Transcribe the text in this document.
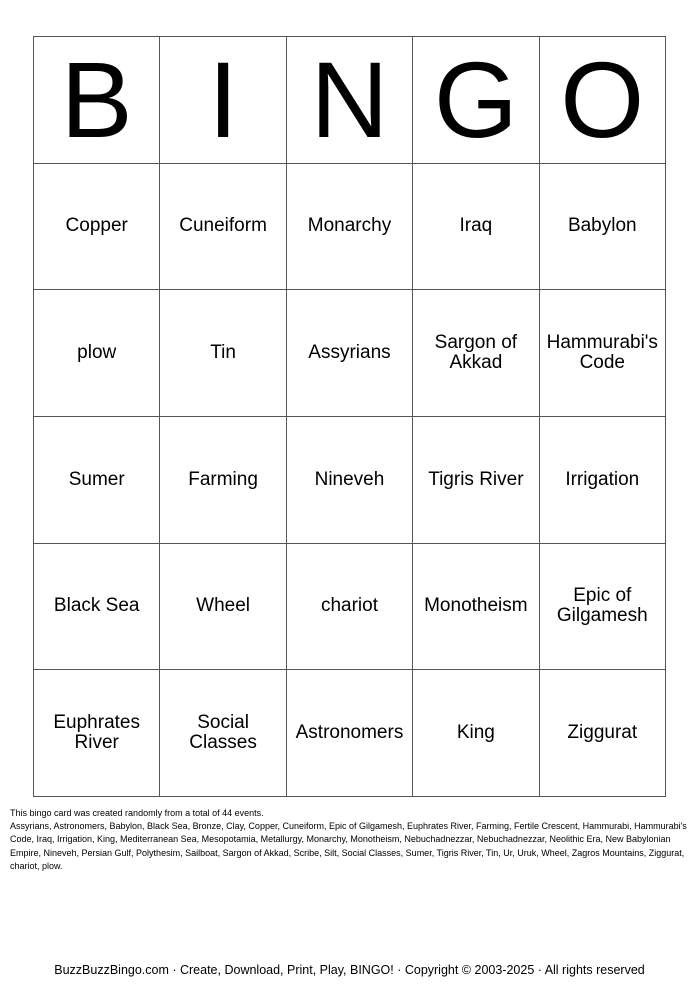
B	I	N	G	O
Copper	Cuneiform	Monarchy	Iraq	Babylon
plow	Tin	Assyrians	Sargon of Akkad	Hammurabi's Code
Sumer	Farming	Nineveh	Tigris River	Irrigation
Black Sea	Wheel	chariot	Monotheism	Epic of Gilgamesh
Euphrates River	Social Classes	Astronomers	King	Ziggurat
This bingo card was created randomly from a total of 44 events.
Assyrians, Astronomers, Babylon, Black Sea, Bronze, Clay, Copper, Cuneiform, Epic of Gilgamesh, Euphrates River, Farming, Fertile Crescent, Hammurabi, Hammurabi's Code, Iraq, Irrigation, King, Mediterranean Sea, Mesopotamia, Metallurgy, Monarchy, Monotheism, Nebuchadnezzar, Nebuchadnezzar, Neolithic Era, New Babylonian Empire, Nineveh, Persian Gulf, Polythesim, Sailboat, Sargon of Akkad, Scribe, Silt, Social Classes, Sumer, Tigris River, Tin, Ur, Uruk, Wheel, Zagros Mountains, Ziggurat, chariot, plow.
BuzzBuzzBingo.com · Create, Download, Print, Play, BINGO! · Copyright © 2003-2025 · All rights reserved
